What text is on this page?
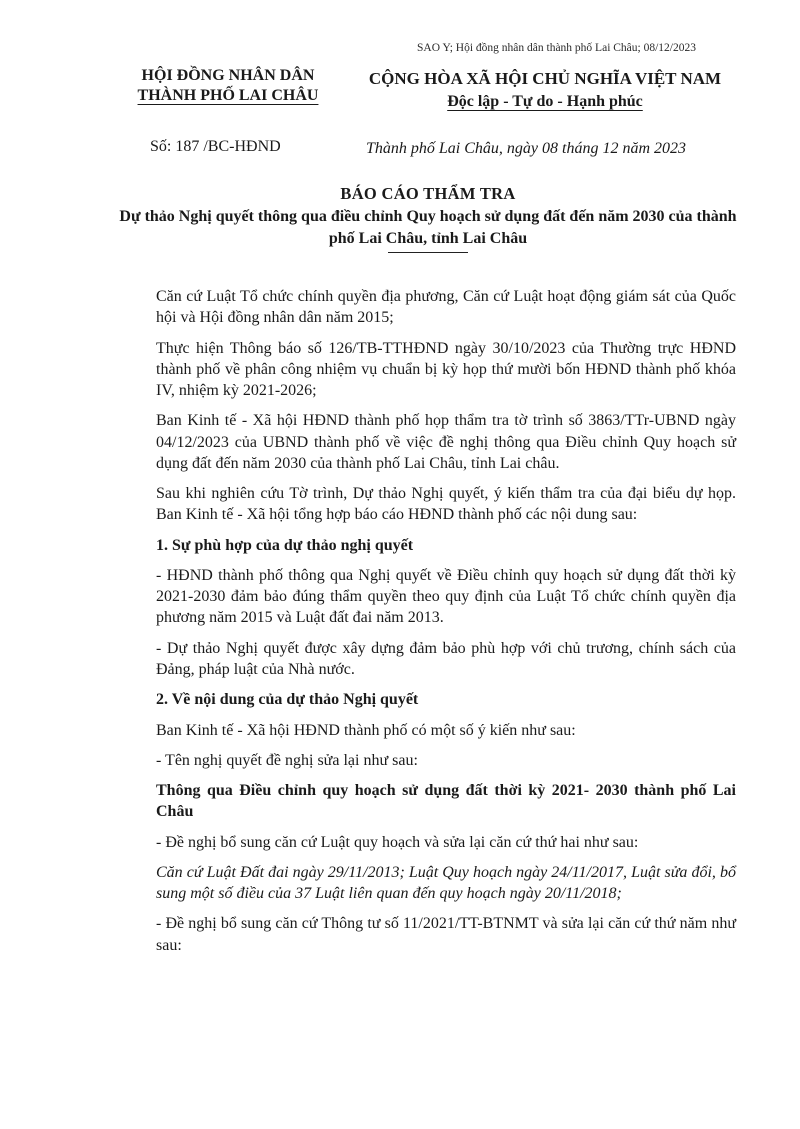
SAO Y; Hội đồng nhân dân thành phố Lai Châu; 08/12/2023
HỘI ĐỒNG NHÂN DÂN
THÀNH PHỐ LAI CHÂU
CỘNG HÒA XÃ HỘI CHỦ NGHĨA VIỆT NAM
Độc lập - Tự do - Hạnh phúc
Số: 187 /BC-HĐND	Thành phố Lai Châu, ngày 08 tháng 12 năm 2023
BÁO CÁO THẨM TRA
Dự thảo Nghị quyết thông qua điều chỉnh Quy hoạch sử dụng đất đến năm 2030 của thành phố Lai Châu, tỉnh Lai Châu

Căn cứ Luật Tổ chức chính quyền địa phương, Căn cứ Luật hoạt động giám sát của Quốc hội và Hội đồng nhân dân năm 2015;

Thực hiện Thông báo số 126/TB-TTHĐND ngày 30/10/2023 của Thường trực HĐND thành phố về phân công nhiệm vụ chuẩn bị kỳ họp thứ mười bốn HĐND thành phố khóa IV, nhiệm kỳ 2021-2026;

Ban Kinh tế - Xã hội HĐND thành phố họp thẩm tra tờ trình số 3863/TTr-UBND ngày 04/12/2023 của UBND thành phố về việc đề nghị thông qua Điều chỉnh Quy hoạch sử dụng đất đến năm 2030 của thành phố Lai Châu, tỉnh Lai châu.

Sau khi nghiên cứu Tờ trình, Dự thảo Nghị quyết, ý kiến thẩm tra của đại biểu dự họp. Ban Kinh tế - Xã hội tổng hợp báo cáo HĐND thành phố các nội dung sau:

1. Sự phù hợp của dự thảo nghị quyết

- HĐND thành phố thông qua Nghị quyết về Điều chỉnh quy hoạch sử dụng đất thời kỳ 2021-2030 đảm bảo đúng thẩm quyền theo quy định của Luật Tổ chức chính quyền địa phương năm 2015 và Luật đất đai năm 2013.

- Dự thảo Nghị quyết được xây dựng đảm bảo phù hợp với chủ trương, chính sách của Đảng, pháp luật của Nhà nước.

2. Về nội dung của dự thảo Nghị quyết

Ban Kinh tế - Xã hội HĐND thành phố có một số ý kiến như sau:

- Tên nghị quyết đề nghị sửa lại như sau:

Thông qua Điều chỉnh quy hoạch sử dụng đất thời kỳ 2021- 2030 thành phố Lai Châu

- Đề nghị bổ sung căn cứ Luật quy hoạch và sửa lại căn cứ thứ hai như sau:

Căn cứ Luật Đất đai ngày 29/11/2013; Luật Quy hoạch ngày 24/11/2017, Luật sửa đổi, bổ sung một số điều của 37 Luật liên quan đến quy hoạch ngày 20/11/2018;

- Đề nghị bổ sung căn cứ Thông tư số 11/2021/TT-BTNMT và sửa lại căn cứ thứ năm như sau:
